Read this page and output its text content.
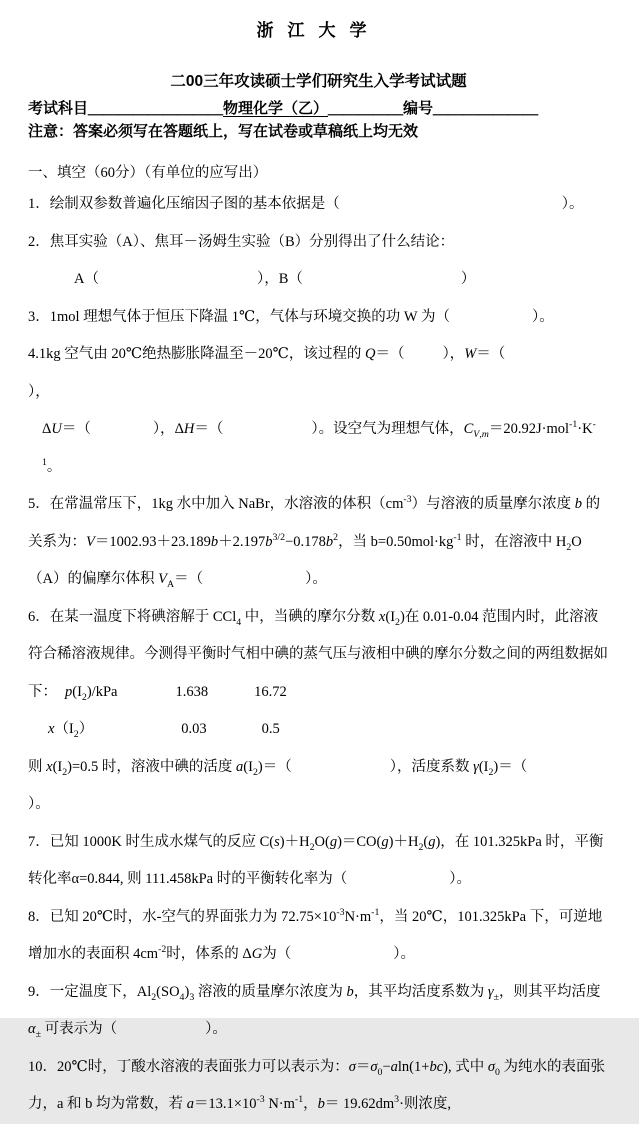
浙江大学
二00三年攻读硕士学们研究生入学考试试题

考试科目＿＿＿＿＿＿＿＿＿物理化学（乙）＿＿＿＿＿编号＿＿＿＿＿＿＿

注意：答案必须写在答题纸上，写在试卷或草稿纸上均无效

一、填空（60分）（有单位的应写出）

1．绘制双参数普遍化压缩因子图的基本依据是（	）。

2．焦耳实验（A）、焦耳－汤姆生实验（B）分别得出了什么结论：

A（	），B（	）

3．1mol 理想气体于恒压下降温 1℃，气体与环境交换的功 W 为（	）。

4.1kg 空气由 20℃绝热膨胀降温至－20℃，该过程的 Q＝（	），W＝（），

ΔU＝（	），ΔH＝（	）。设空气为理想气体，$C_{V,m}=20.92J\cdot mol^{-1}\cdot K^{-1}$。

5．在常温常压下，1kg 水中加入 NaBr，水溶液的体积$(cm^{-3})$与溶液的质量摩尔浓度 b 的关系为：$V=1002.93+23.189b+2.197b^{3/2}-0.178b^2$，当 $b=0.50mol\cdot kg^{-1}$ 时，在溶液中 $H_2O(A)$的偏摩尔体积 $V_A=$（	）。

6．在某一温度下将碘溶解于 CCl$_4$ 中，当碘的摩尔分数 $x(I_2)$在 0.01-0.04 范围内时，此溶液符合稀溶液规律。今测得平衡时气相中碘的蒸气压与液相中碘的摩尔分数之间的两组数据如下： $p(I_2)$/kPa	1.638	16.72
$x(I_2)$	0.03	0.5
则 $x(I_2)=0.5$ 时，溶液中碘的活度 $a(I_2)=$（	），活度系数 $\gamma(I_2)=()$。

7．已知 1000K 时生成水煤气的反应 $C(s)+H_2O(g)=CO(g)+H_2(g)$，在 101.325kPa 时，平衡转化率α=0.844, 则 111.458kPa 时的平衡转化率为（	）。

8．已知 20℃时，水-空气的界面张力为 $72.75\times 10^{-3}N\cdot m^{-1}$，当 20℃，101.325kPa 下，可逆地增加水的表面积 $4cm^{-2}$时，体系的 ΔG为（	）。

9．一定温度下，$Al_2(SO_4)_3$ 溶液的质量摩尔浓度为 b，其平均活度系数为 $\gamma_\pm$，则其平均活度 $\alpha_\pm$ 可表示为（	）。

10．20℃时，丁酸水溶液的表面张力可以表示为：$\sigma=\sigma_0-aln(1+bc)$, 式中 $\sigma_0$ 为纯水的表面张力，a 和 b 均为常数，若 $a=13.1\times 10^{-3}$ $N\cdot m^{-1}$，$b= 19.62dm^3\cdot$则浓度,
